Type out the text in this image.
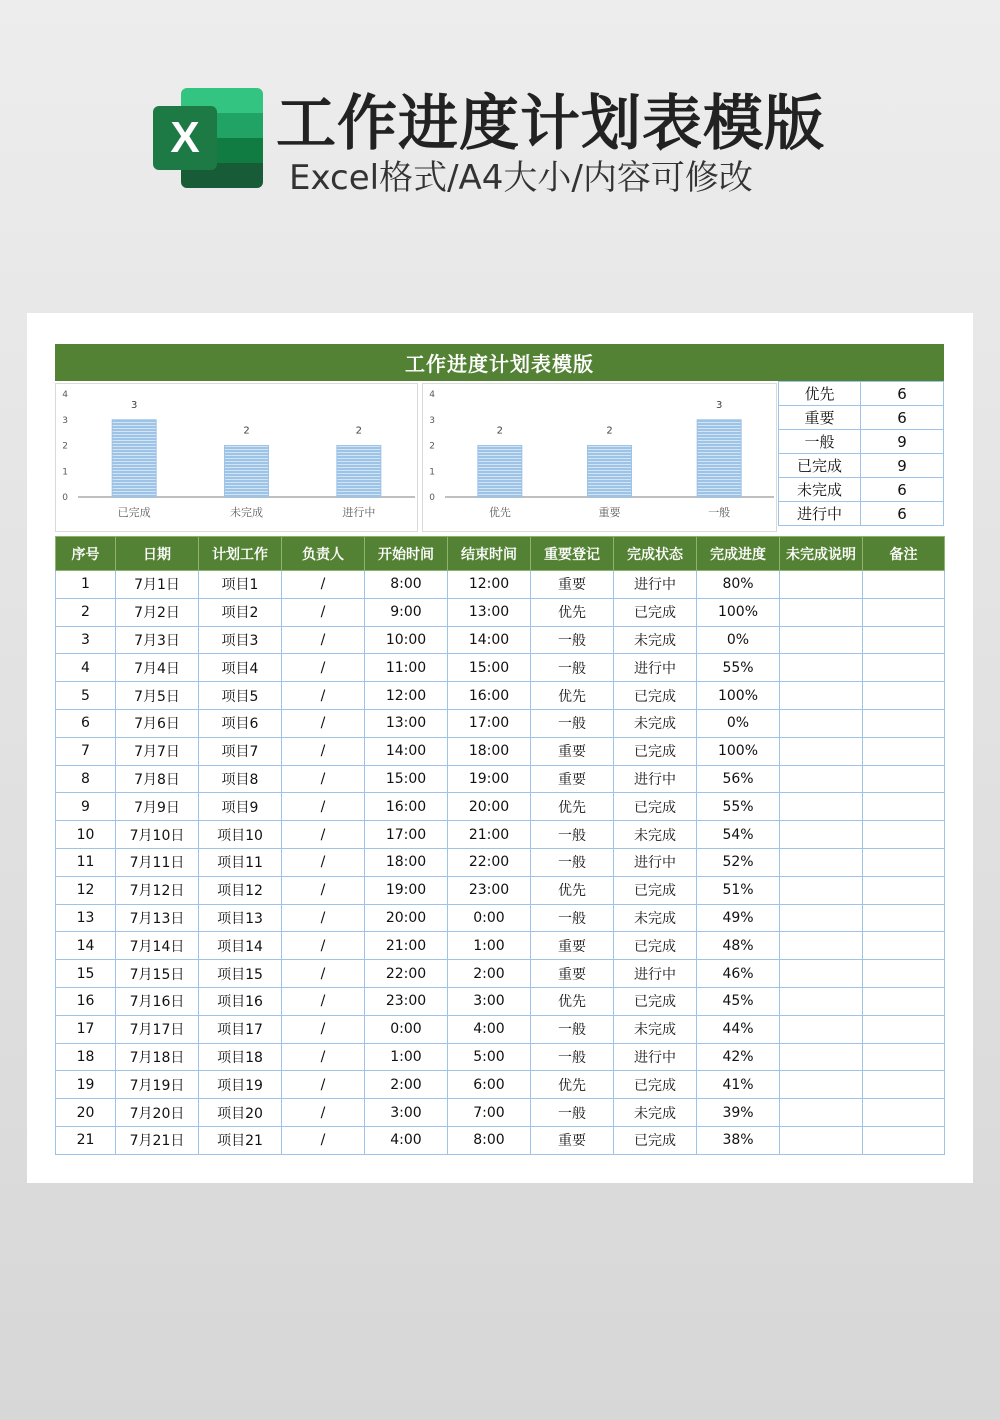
X 工作进度计划表模版
Excel格式/A4大小/内容可修改
工作进度计划表模版
0
1
2
3
4
3
已完成
2
未完成
2
进行中
0
1
2
3
4
2
优先
2
重要
3
一般
优先	6
重要	6
一般	9
已完成	9
未完成	6
进行中	6
序号	日期	计划工作	负责人	开始时间	结束时间	重要登记	完成状态	完成进度	未完成说明	备注
1	7月1日	项目1	/	8:00	12:00	重要	进行中	80%		
2	7月2日	项目2	/	9:00	13:00	优先	已完成	100%		
3	7月3日	项目3	/	10:00	14:00	一般	未完成	0%		
4	7月4日	项目4	/	11:00	15:00	一般	进行中	55%		
5	7月5日	项目5	/	12:00	16:00	优先	已完成	100%		
6	7月6日	项目6	/	13:00	17:00	一般	未完成	0%		
7	7月7日	项目7	/	14:00	18:00	重要	已完成	100%		
8	7月8日	项目8	/	15:00	19:00	重要	进行中	56%		
9	7月9日	项目9	/	16:00	20:00	优先	已完成	55%		
10	7月10日	项目10	/	17:00	21:00	一般	未完成	54%		
11	7月11日	项目11	/	18:00	22:00	一般	进行中	52%		
12	7月12日	项目12	/	19:00	23:00	优先	已完成	51%		
13	7月13日	项目13	/	20:00	0:00	一般	未完成	49%		
14	7月14日	项目14	/	21:00	1:00	重要	已完成	48%		
15	7月15日	项目15	/	22:00	2:00	重要	进行中	46%		
16	7月16日	项目16	/	23:00	3:00	优先	已完成	45%		
17	7月17日	项目17	/	0:00	4:00	一般	未完成	44%		
18	7月18日	项目18	/	1:00	5:00	一般	进行中	42%		
19	7月19日	项目19	/	2:00	6:00	优先	已完成	41%		
20	7月20日	项目20	/	3:00	7:00	一般	未完成	39%		
21	7月21日	项目21	/	4:00	8:00	重要	已完成	38%		
